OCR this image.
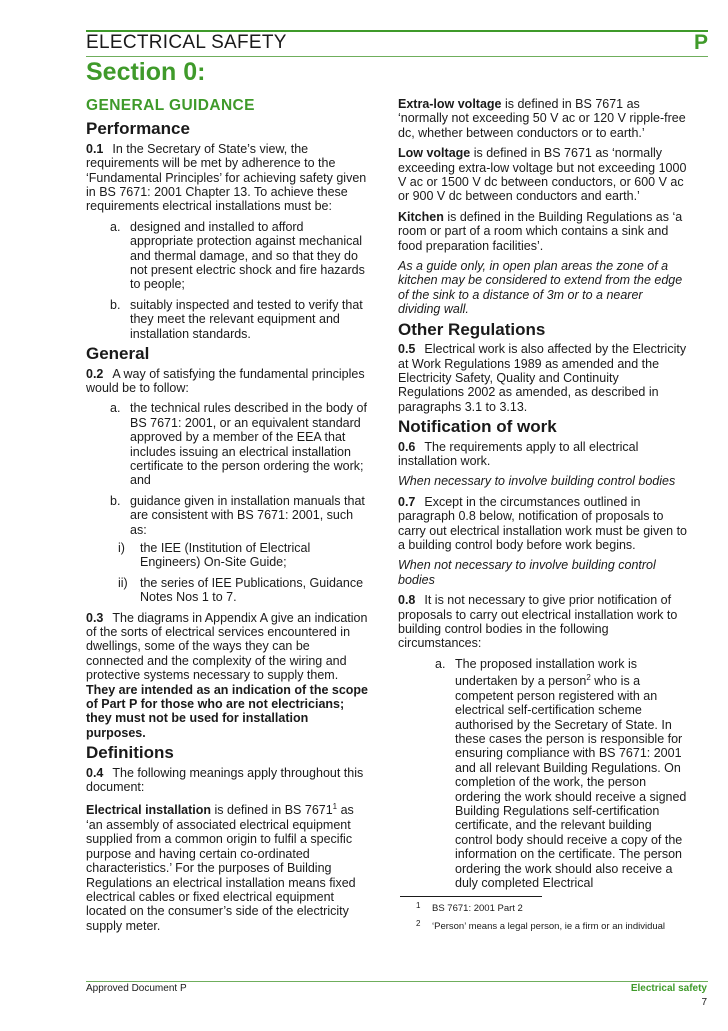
ELECTRICAL SAFETY	P
Section 0:
GENERAL GUIDANCE
Performance

0.1 In the Secretary of State’s view, the requirements will be met by adherence to the ‘Fundamental Principles’ for achieving safety given in BS 7671: 2001 Chapter 13. To achieve these requirements electrical installations must be:

a. designed and installed to afford appropriate protection against mechanical and thermal damage, and so that they do not present electric shock and fire hazards to people;
b. suitably inspected and tested to verify that they meet the relevant equipment and installation standards.
General

0.2 A way of satisfying the fundamental principles would be to follow:

a. the technical rules described in the body of BS 7671: 2001, or an equivalent standard approved by a member of the EEA that includes issuing an electrical installation certificate to the person ordering the work; and
b. guidance given in installation manuals that are consistent with BS 7671: 2001, such as:
i) the IEE (Institution of Electrical Engineers) On-Site Guide;
ii) the series of IEE Publications, Guidance Notes Nos 1 to 7.

0.3 The diagrams in Appendix A give an indication of the sorts of electrical services encountered in dwellings, some of the ways they can be connected and the complexity of the wiring and protective systems necessary to supply them. They are intended as an indication of the scope of Part P for those who are not electricians; they must not be used for installation purposes.

Definitions

0.4 The following meanings apply throughout this document:

Electrical installation is defined in BS 7671$^1$ as ‘an assembly of associated electrical equipment supplied from a common origin to fulfil a specific purpose and having certain co-ordinated characteristics.’ For the purposes of Building Regulations an electrical installation means fixed electrical cables or fixed electrical equipment located on the consumer’s side of the electricity supply meter.

Extra-low voltage is defined in BS 7671 as ‘normally not exceeding 50 V ac or 120 V ripple-free dc, whether between conductors or to earth.’

Low voltage is defined in BS 7671 as ‘normally exceeding extra-low voltage but not exceeding 1000 V ac or 1500 V dc between conductors, or 600 V ac or 900 V dc between conductors and earth.’

Kitchen is defined in the Building Regulations as ‘a room or part of a room which contains a sink and food preparation facilities’.

As a guide only, in open plan areas the zone of a kitchen may be considered to extend from the edge of the sink to a distance of 3m or to a nearer dividing wall.

Other Regulations

0.5 Electrical work is also affected by the Electricity at Work Regulations 1989 as amended and the Electricity Safety, Quality and Continuity Regulations 2002 as amended, as described in paragraphs 3.1 to 3.13.

Notification of work

0.6 The requirements apply to all electrical installation work.

When necessary to involve building control bodies

0.7 Except in the circumstances outlined in paragraph 0.8 below, notification of proposals to carry out electrical installation work must be given to a building control body before work begins.

When not necessary to involve building control bodies

0.8 It is not necessary to give prior notification of proposals to carry out electrical installation work to building control bodies in the following circumstances:

a. The proposed installation work is undertaken by a person$^2$ who is a competent person registered with an electrical self-certification scheme authorised by the Secretary of State. In these cases the person is responsible for ensuring compliance with BS 7671: 2001 and all relevant Building Regulations. On completion of the work, the person ordering the work should receive a signed Building Regulations self-certification certificate, and the relevant building control body should receive a copy of the information on the certificate. The person ordering the work should also receive a duly completed Electrical
1 BS 7671: 2001 Part 2
2 ‘Person’ means a legal person, ie a firm or an individual
Approved Document P	Electrical safety
7
